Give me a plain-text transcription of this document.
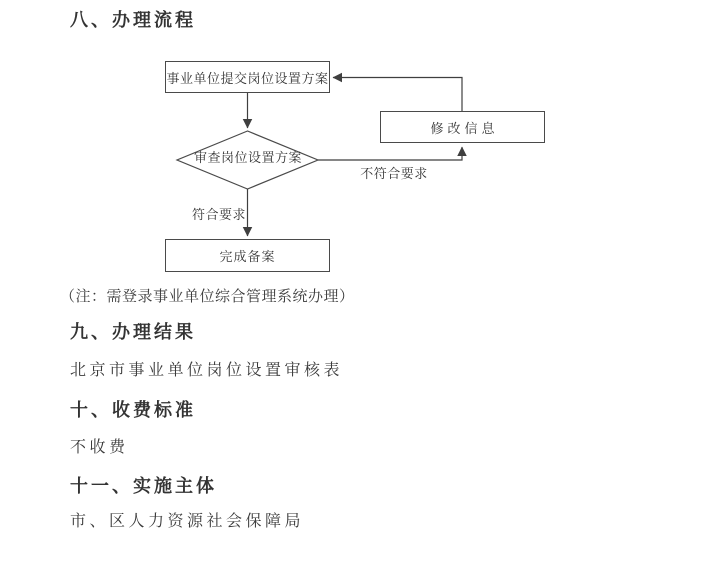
八、办理流程
事业单位提交岗位设置方案
修改信息
审查岗位设置方案
完成备案
不符合要求
符合要求
（注：需登录事业单位综合管理系统办理）
九、办理结果
北京市事业单位岗位设置审核表
十、收费标准
不收费
十一、实施主体
市、区人力资源社会保障局
